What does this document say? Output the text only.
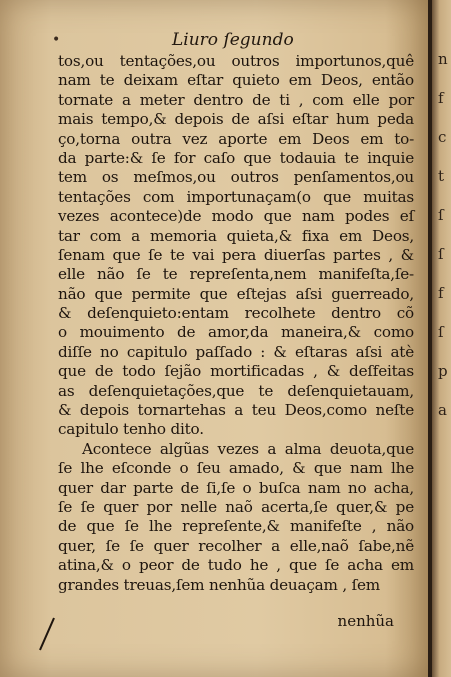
•	Liuro ſegundo
tos,ou tentações,ou outros importunos,quê
nam te deixam eſtar quieto em Deos, então
tornate a meter dentro de ti , com elle por
mais tempo,& depois de aſsi eſtar hum peda
ço,torna outra vez aporte em Deos em to-
da parte:& ſe for caſo que todauia te inquie
tem os meſmos,ou outros penſamentos,ou
tentações com importunaçam(o que muitas
vezes acontece)de modo que nam podes eſ
tar com a memoria quieta,& fixa em Deos,
ſenam que ſe te vai pera diuerſas partes , &
elle não ſe te repreſenta,nem manifeſta,ſe-
não que permite que eſtejas aſsi guerreado,
& deſenquieto:entam recolhete dentro cõ
o mouimento de amor,da maneira,& como
diſſe no capitulo paſſado : & eſtaras aſsi atè
que de todo ſejão mortificadas , & deſfeitas
as deſenquietações,que te deſenquietauam,
& depois tornartehas a teu Deos,como neſte
capitulo tenho dito.
Acontece algũas vezes a alma deuota,que
ſe lhe eſconde o ſeu amado, & que nam lhe
quer dar parte de ſi,ſe o buſca nam no acha,
ſe ſe quer por nelle naõ acerta,ſe quer,& pe
de que ſe lhe repreſente,& manifeſte , não
quer, ſe ſe quer recolher a elle,naõ ſabe,nẽ
atina,& o peor de tudo he , que ſe acha em
grandes treuas,ſem nenhũa deuaçam , ſem
nenhũa
n
f
c
t
ſ
ſ
f
ſ
p
a
